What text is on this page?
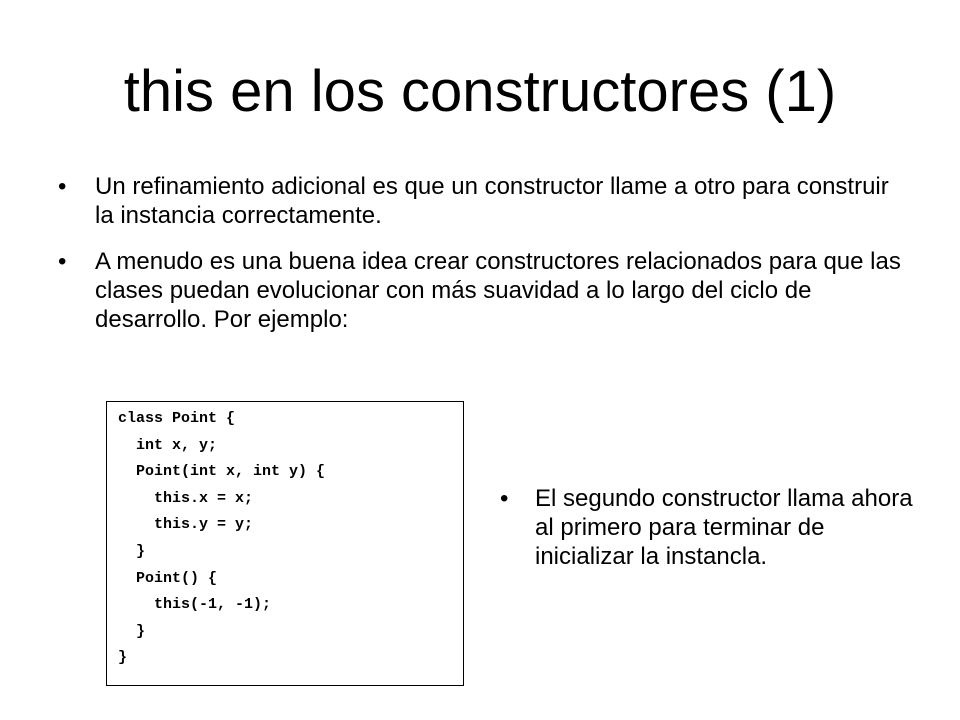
this en los constructores (1)
• Un refinamiento adicional es que un constructor llame a otro para construir la instancia correctamente.
• A menudo es una buena idea crear constructores relacionados para que las clases puedan evolucionar con más suavidad a lo largo del ciclo de desarrollo. Por ejemplo:
class Point {
int x, y;
Point(int x, int y) {
this.x = x;
this.y = y;
}
Point() {
this(-1, -1);
}
}
• El segundo constructor llama ahora al primero para terminar de inicializar la instancla.
